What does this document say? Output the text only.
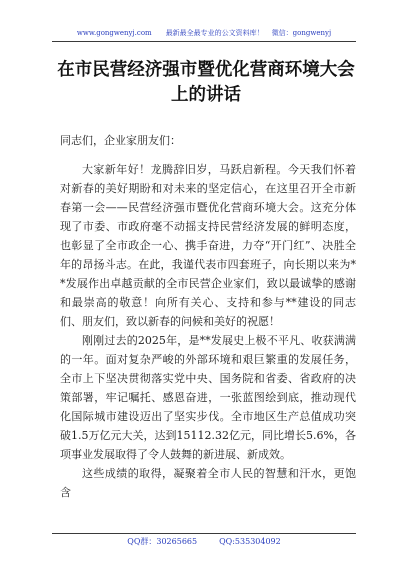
www.gongwenyj.com 最新最全最专业的公文资料库！ 微信：gongwenyj
在市民营经济强市暨优化营商环境大会上的讲话

同志们，企业家朋友们：

大家新年好！龙腾辞旧岁，马跃启新程。今天我们怀着对新春的美好期盼和对未来的坚定信心，在这里召开全市新春第一会——民营经济强市暨优化营商环境大会。这充分体现了市委、市政府毫不动摇支持民营经济发展的鲜明态度，也彰显了全市政企一心、携手奋进，力夺“开门红”、决胜全年的昂扬斗志。在此，我谨代表市四套班子，向长期以来为**发展作出卓越贡献的全市民营企业家们，致以最诚挚的感谢和最崇高的敬意！向所有关心、支持和参与**建设的同志们、朋友们，致以新春的问候和美好的祝愿！

刚刚过去的2025年，是**发展史上极不平凡、收获满满的一年。面对复杂严峻的外部环境和艰巨繁重的发展任务，全市上下坚决贯彻落实党中央、国务院和省委、省政府的决策部署，牢记嘱托、感恩奋进，一张蓝图绘到底，推动现代化国际城市建设迈出了坚实步伐。全市地区生产总值成功突破1.5万亿元大关，达到15112.32亿元，同比增长5.6%，各项事业发展取得了令人鼓舞的新进展、新成效。

这些成绩的取得，凝聚着全市人民的智慧和汗水，更饱含

QQ群：30265665	QQ:535304092
